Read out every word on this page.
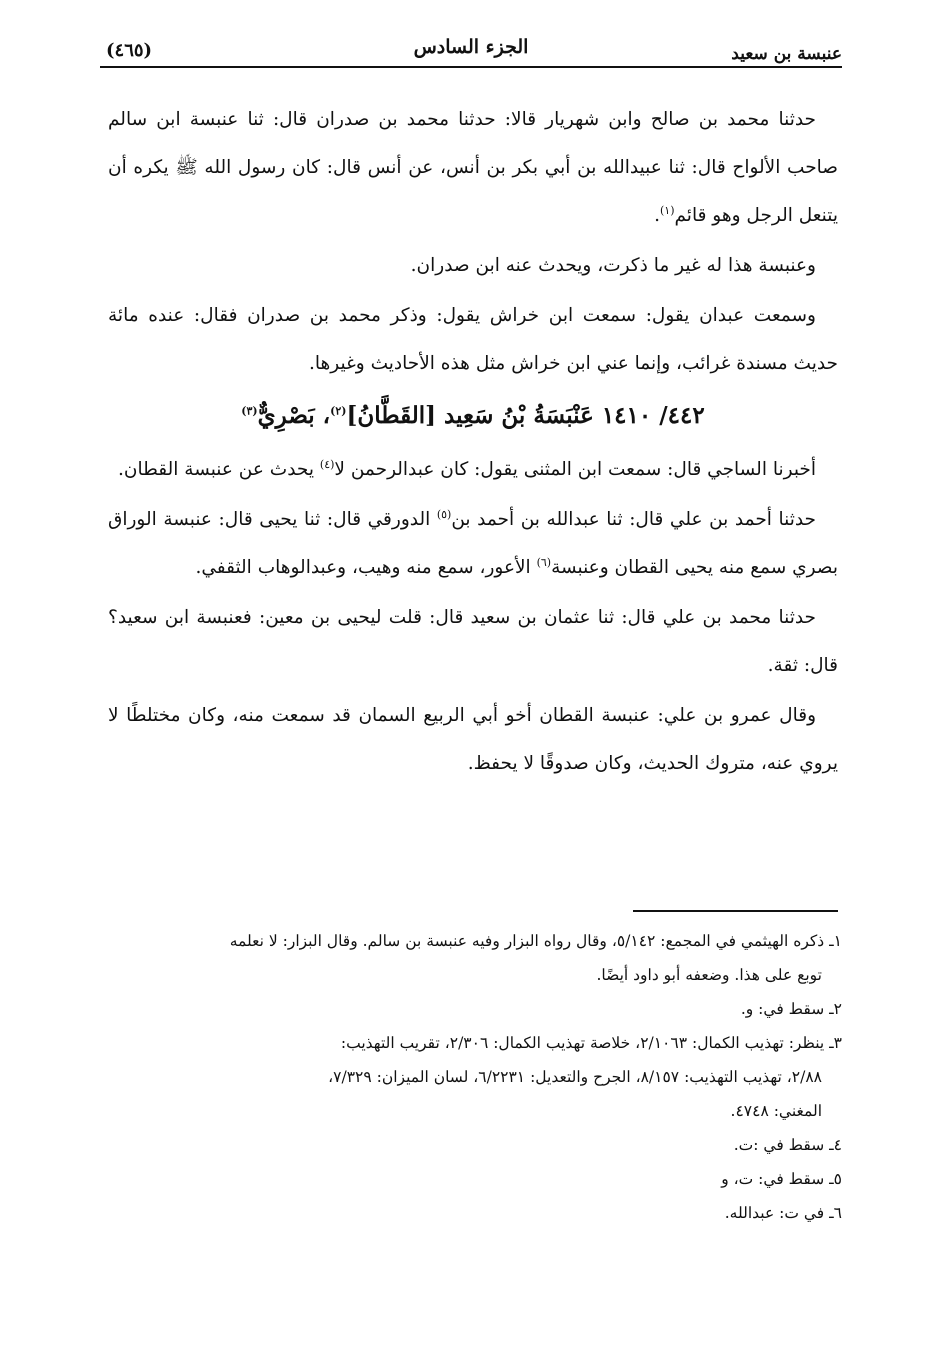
عنبسة بن سعيد
الجزء السادس
(٤٦٥)

حدثنا محمد بن صالح وابن شهريار قالا: حدثنا محمد بن صدران قال: ثنا عنبسة ابن سالم صاحب الألواح قال: ثنا عبيدالله بن أبي بكر بن أنس، عن أنس قال: كان رسول الله ﷺ يكره أن يتنعل الرجل وهو قائم$^{(١)}$.

وعنبسة هذا له غير ما ذكرت، ويحدث عنه ابن صدران.

وسمعت عبدان يقول: سمعت ابن خراش يقول: وذكر محمد بن صدران فقال: عنده مائة حديث مسندة غرائب، وإنما عني ابن خراش مثل هذه الأحاديث وغيرها.

٤٤٢/ ١٤١٠ عَنْبَسَةُ بْنُ سَعِيد [القَطَّانُ]$^{(٢)}$، بَصْرِيٌّ$^{(٣)}$

أخبرنا الساجي قال: سمعت ابن المثنى يقول: كان عبدالرحمن لا$^{(٤)}$ يحدث عن عنبسة القطان.

حدثنا أحمد بن علي قال: ثنا عبدالله بن أحمد بن$^{(٥)}$ الدورقي قال: ثنا يحيى قال: عنبسة الوراق بصري سمع منه يحيى القطان وعنبسة$^{(٦)}$ الأعور، سمع منه وهيب، وعبدالوهاب الثقفي.

حدثنا محمد بن علي قال: ثنا عثمان بن سعيد قال: قلت ليحيى بن معين: فعنبسة ابن سعيد؟ قال: ثقة.

وقال عمرو بن علي: عنبسة القطان أخو أبي الربيع السمان قد سمعت منه، وكان مختلطًا لا يروي عنه، متروك الحديث، وكان صدوقًا لا يحفظ.

١ـ ذكره الهيثمي في المجمع: ٥/١٤٢، وقال رواه البزار وفيه عنبسة بن سالم. وقال البزار: لا نعلمه

توبع على هذا. وضعفه أبو داود أيضًا.

٢ـ سقط في: و.

٣ـ ينظر: تهذيب الكمال: ٢/١٠٦٣، خلاصة تهذيب الكمال: ٢/٣٠٦، تقريب التهذيب:

٢/٨٨، تهذيب التهذيب: ٨/١٥٧، الجرح والتعديل: ٦/٢٢٣١، لسان الميزان: ٧/٣٢٩،

المغني: ٤٧٤٨.

٤ـ سقط في :ت.

٥ـ سقط في: ت، و

٦ـ في ت: عبدالله.
